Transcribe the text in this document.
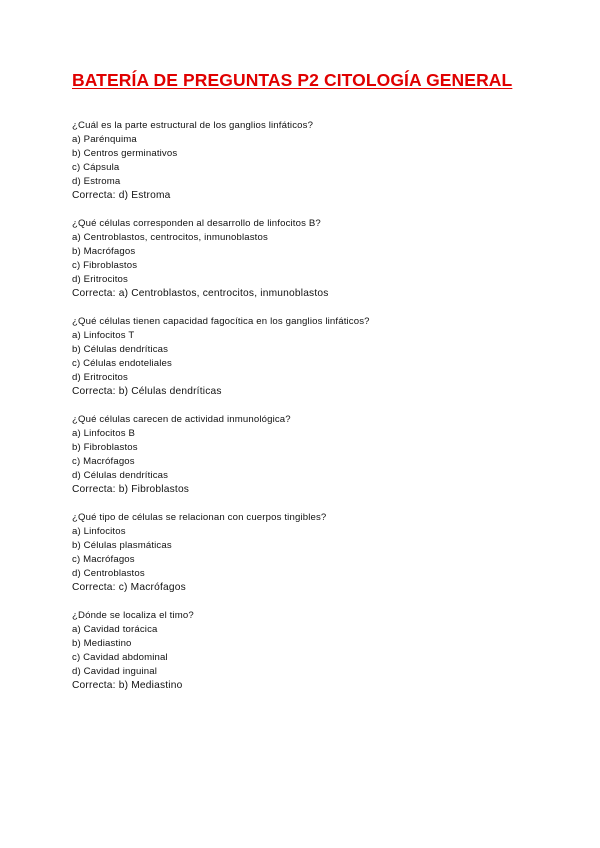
BATERÍA DE PREGUNTAS P2 CITOLOGÍA GENERAL
¿Cuál es la parte estructural de los ganglios linfáticos?
a) Parénquima
b) Centros germinativos
c) Cápsula
d) Estroma
Correcta: d) Estroma
¿Qué células corresponden al desarrollo de linfocitos B?
a) Centroblastos, centrocitos, inmunoblastos
b) Macrófagos
c) Fibroblastos
d) Eritrocitos
Correcta: a) Centroblastos, centrocitos, inmunoblastos
¿Qué células tienen capacidad fagocítica en los ganglios linfáticos?
a) Linfocitos T
b) Células dendríticas
c) Células endoteliales
d) Eritrocitos
Correcta: b) Células dendríticas
¿Qué células carecen de actividad inmunológica?
a) Linfocitos B
b) Fibroblastos
c) Macrófagos
d) Células dendríticas
Correcta: b) Fibroblastos
¿Qué tipo de células se relacionan con cuerpos tingibles?
a) Linfocitos
b) Células plasmáticas
c) Macrófagos
d) Centroblastos
Correcta: c) Macrófagos
¿Dónde se localiza el timo?
a) Cavidad torácica
b) Mediastino
c) Cavidad abdominal
d) Cavidad inguinal
Correcta: b) Mediastino
